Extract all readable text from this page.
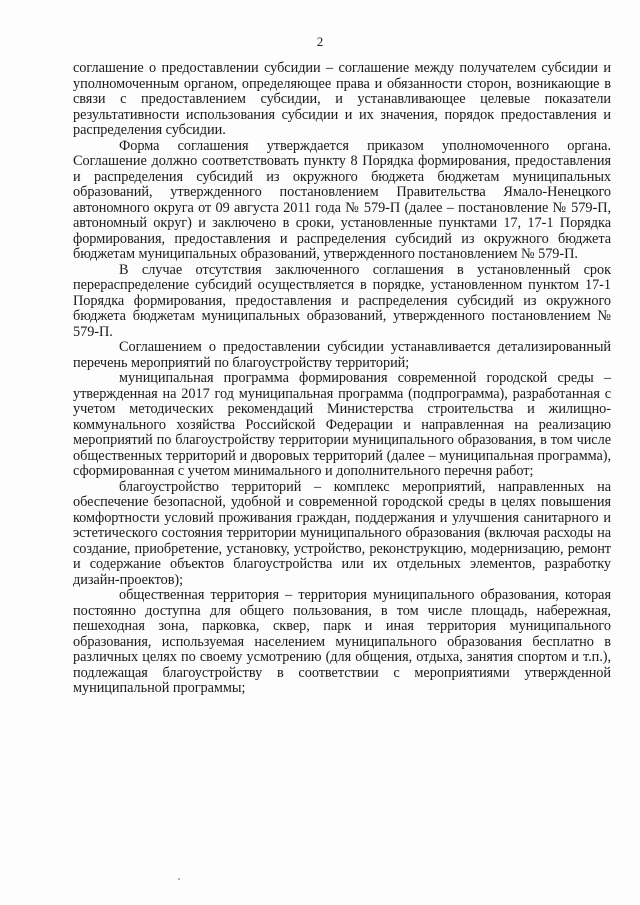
2

соглашение о предоставлении субсидии – соглашение между получателем субсидии и уполномоченным органом, определяющее права и обязанности сторон, возникающие в связи с предоставлением субсидии, и устанавливающее целевые показатели результативности использования субсидии и их значения, порядок предоставления и распределения субсидии.

Форма соглашения утверждается приказом уполномоченного органа. Соглашение должно соответствовать пункту 8 Порядка формирования, предоставления и распределения субсидий из окружного бюджета бюджетам муниципальных образований, утвержденного постановлением Правительства Ямало-Ненецкого автономного округа от 09 августа 2011 года № 579-П (далее – постановление № 579-П, автономный округ) и заключено в сроки, установленные пунктами 17, 17-1 Порядка формирования, предоставления и распределения субсидий из окружного бюджета бюджетам муниципальных образований, утвержденного постановлением № 579-П.

В случае отсутствия заключенного соглашения в установленный срок перераспределение субсидий осуществляется в порядке, установленном пунктом 17-1 Порядка формирования, предоставления и распределения субсидий из окружного бюджета бюджетам муниципальных образований, утвержденного постановлением № 579-П.

Соглашением о предоставлении субсидии устанавливается детализированный перечень мероприятий по благоустройству территорий;

муниципальная программа формирования современной городской среды – утвержденная на 2017 год муниципальная программа (подпрограмма), разработанная с учетом методических рекомендаций Министерства строительства и жилищно-коммунального хозяйства Российской Федерации и направленная на реализацию мероприятий по благоустройству территории муниципального образования, в том числе общественных территорий и дворовых территорий (далее – муниципальная программа), сформированная с учетом минимального и дополнительного перечня работ;

благоустройство территорий – комплекс мероприятий, направленных на обеспечение безопасной, удобной и современной городской среды в целях повышения комфортности условий проживания граждан, поддержания и улучшения санитарного и эстетического состояния территории муниципального образования (включая расходы на создание, приобретение, установку, устройство, реконструкцию, модернизацию, ремонт и содержание объектов благоустройства или их отдельных элементов, разработку дизайн-проектов);

общественная территория – территория муниципального образования, которая постоянно доступна для общего пользования, в том числе площадь, набережная, пешеходная зона, парковка, сквер, парк и иная территория муниципального образования, используемая населением муниципального образования бесплатно в различных целях по своему усмотрению (для общения, отдыха, занятия спортом и т.п.), подлежащая благоустройству в соответствии с мероприятиями утвержденной муниципальной программы;
